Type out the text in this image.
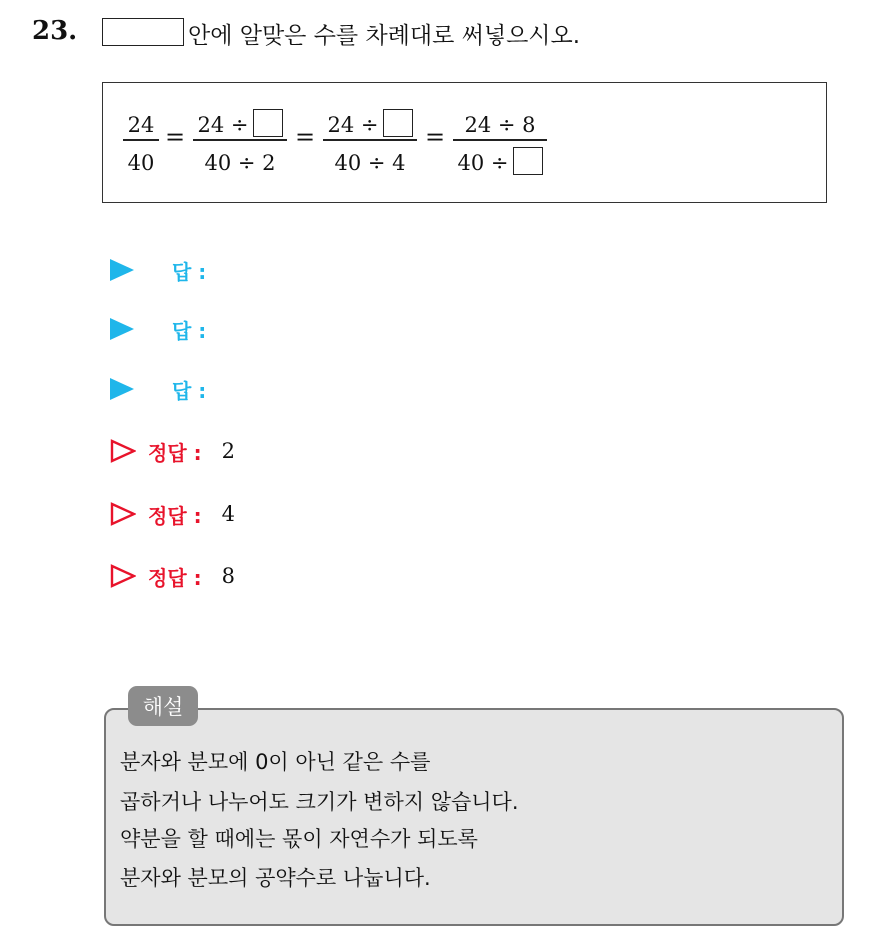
23.	안에 알맞은 수를 차례대로 써넣으시오.
24
40
= 24 ÷
40 ÷ 2
= 24 ÷
40 ÷ 4
= 24 ÷ 8
40 ÷
답 :
답 :
답 :
정답 : 2
정답 : 4
정답 : 8
해설
분자와 분모에 0이 아닌 같은 수를
곱하거나 나누어도 크기가 변하지 않습니다.
약분을 할 때에는 몫이 자연수가 되도록
분자와 분모의 공약수로 나눕니다.
